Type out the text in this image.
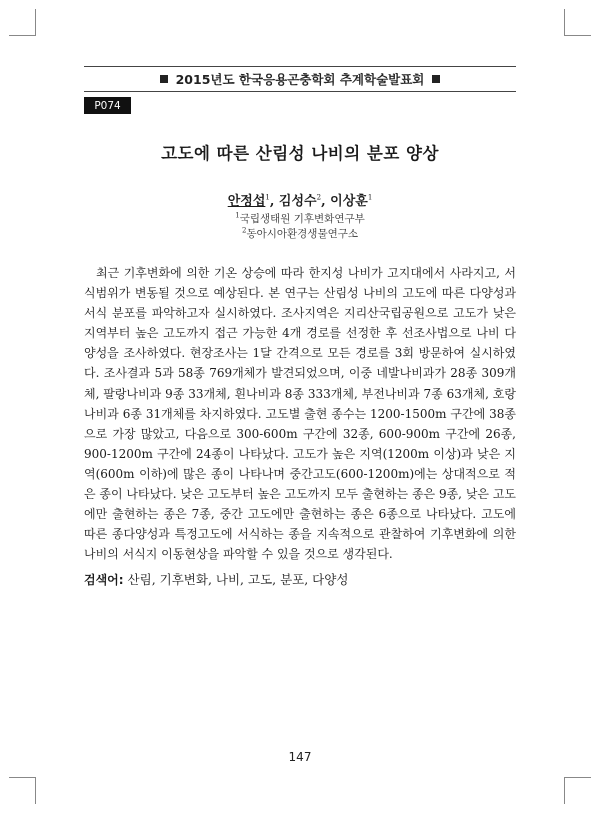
2015년도 한국응용곤충학회 추계학술발표회
P074
고도에 따른 산림성 나비의 분포 양상
안정섭$^1$, 김성수$^2$, 이상훈$^1$
$^1$국립생태원 기후변화연구부
$^2$동아시아환경생물연구소

최근 기후변화에 의한 기온 상승에 따라 한지성 나비가 고지대에서 사라지고, 서식범위가 변동될 것으로 예상된다. 본 연구는 산림성 나비의 고도에 따른 다양성과 서식 분포를 파악하고자 실시하였다. 조사지역은 지리산국립공원으로 고도가 낮은 지역부터 높은 고도까지 접근 가능한 4개 경로를 선정한 후 선조사법으로 나비 다양성을 조사하였다. 현장조사는 1달 간격으로 모든 경로를 3회 방문하여 실시하였다. 조사결과 5과 58종 769개체가 발견되었으며, 이중 네발나비과가 28종 309개체, 팔랑나비과 9종 33개체, 흰나비과 8종 333개체, 부전나비과 7종 63개체, 호랑나비과 6종 31개체를 차지하였다. 고도별 출현 종수는 1200-1500m 구간에 38종으로 가장 많았고, 다음으로 300-600m 구간에 32종, 600-900m 구간에 26종, 900-1200m 구간에 24종이 나타났다. 고도가 높은 지역(1200m 이상)과 낮은 지역(600m 이하)에 많은 종이 나타나며 중간고도(600-1200m)에는 상대적으로 적은 종이 나타났다. 낮은 고도부터 높은 고도까지 모두 출현하는 종은 9종, 낮은 고도에만 출현하는 종은 7종, 중간 고도에만 출현하는 종은 6종으로 나타났다. 고도에 따른 종다양성과 특정고도에 서식하는 종을 지속적으로 관찰하여 기후변화에 의한 나비의 서식지 이동현상을 파악할 수 있을 것으로 생각된다.

검색어: 산림, 기후변화, 나비, 고도, 분포, 다양성
147
